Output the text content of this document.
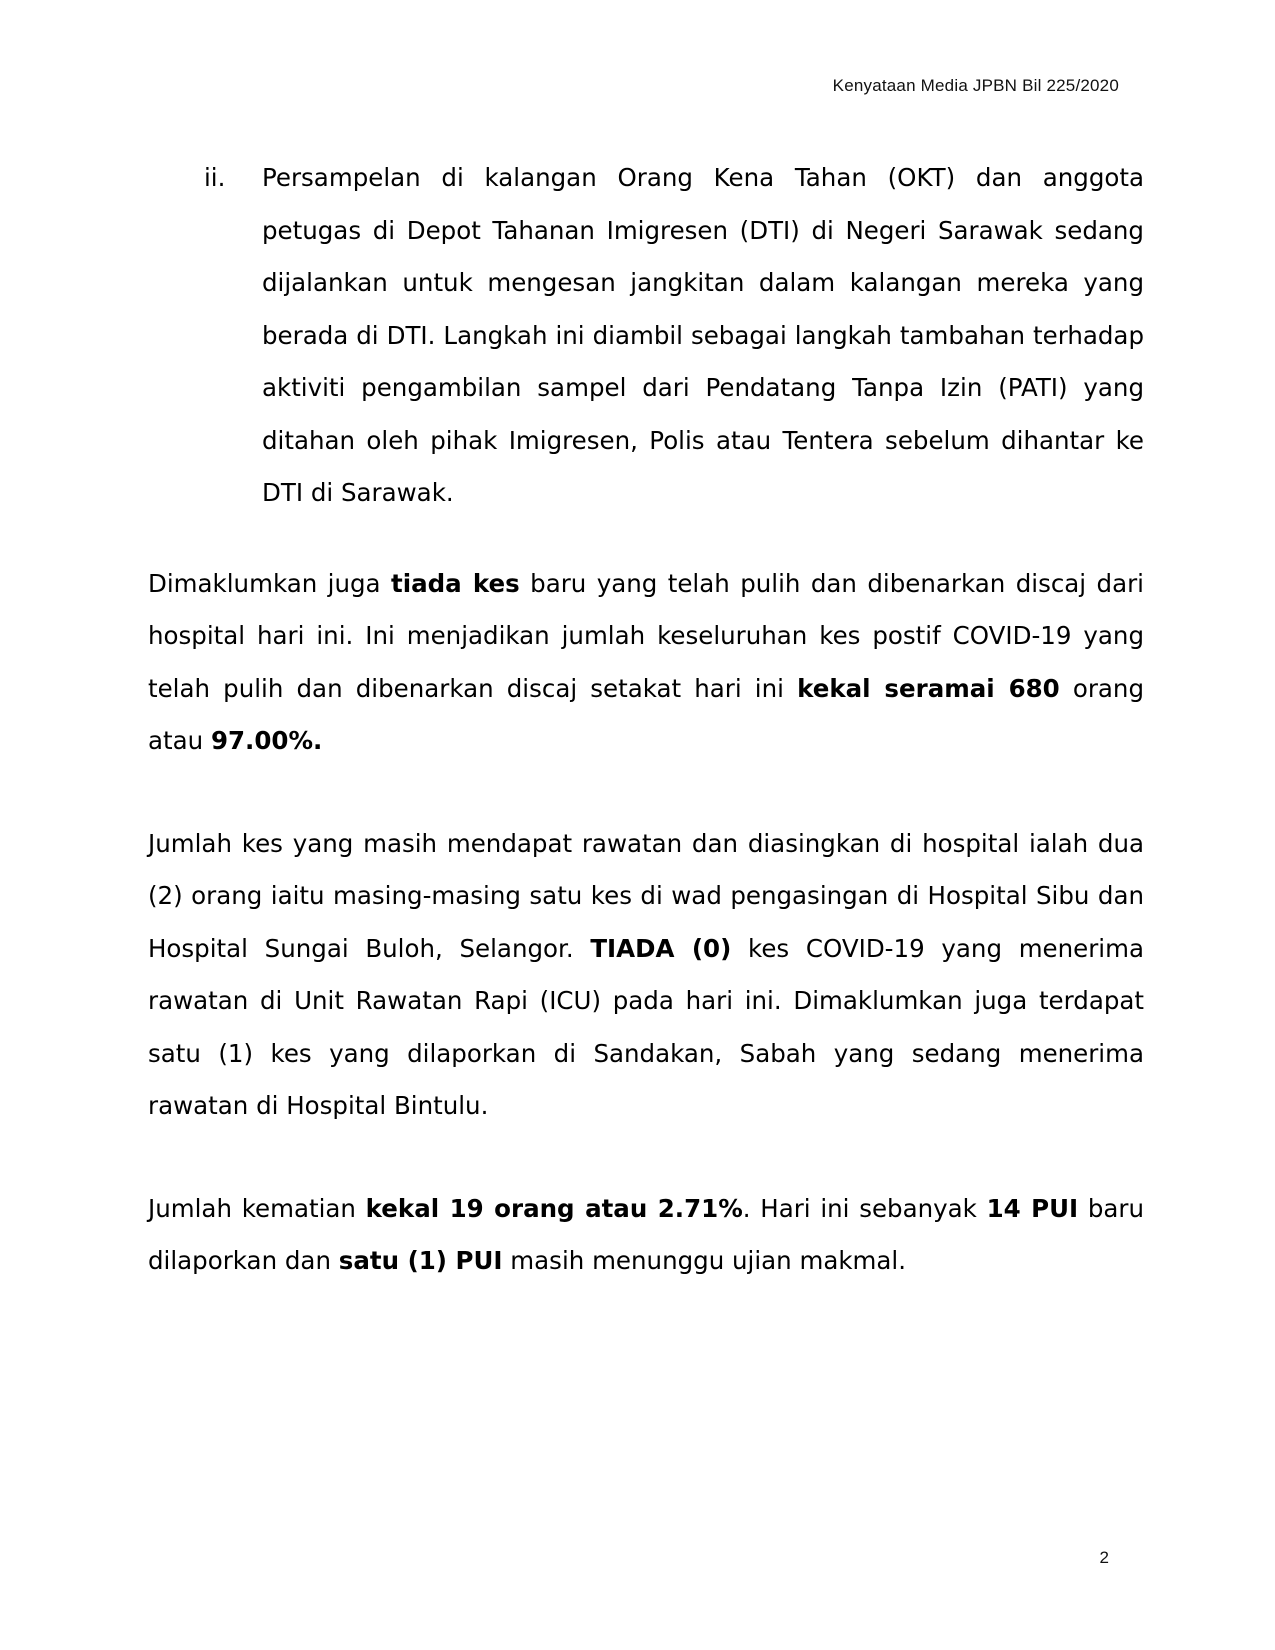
Kenyataan Media JPBN Bil 225/2020
ii.	Persampelan di kalangan Orang Kena Tahan (OKT) dan anggota petugas di Depot Tahanan Imigresen (DTI) di Negeri Sarawak sedang dijalankan untuk mengesan jangkitan dalam kalangan mereka yang berada di DTI. Langkah ini diambil sebagai langkah tambahan terhadap aktiviti pengambilan sampel dari Pendatang Tanpa Izin (PATI) yang ditahan oleh pihak Imigresen, Polis atau Tentera sebelum dihantar ke DTI di Sarawak.

Dimaklumkan juga tiada kes baru yang telah pulih dan dibenarkan discaj dari hospital hari ini. Ini menjadikan jumlah keseluruhan kes postif COVID-19 yang telah pulih dan dibenarkan discaj setakat hari ini kekal seramai 680 orang atau 97.00%.

Jumlah kes yang masih mendapat rawatan dan diasingkan di hospital ialah dua (2) orang iaitu masing-masing satu kes di wad pengasingan di Hospital Sibu dan Hospital Sungai Buloh, Selangor. TIADA (0) kes COVID-19 yang menerima rawatan di Unit Rawatan Rapi (ICU) pada hari ini. Dimaklumkan juga terdapat satu (1) kes yang dilaporkan di Sandakan, Sabah yang sedang menerima rawatan di Hospital Bintulu.

Jumlah kematian kekal 19 orang atau 2.71%. Hari ini sebanyak 14 PUI baru dilaporkan dan satu (1) PUI masih menunggu ujian makmal.

2
